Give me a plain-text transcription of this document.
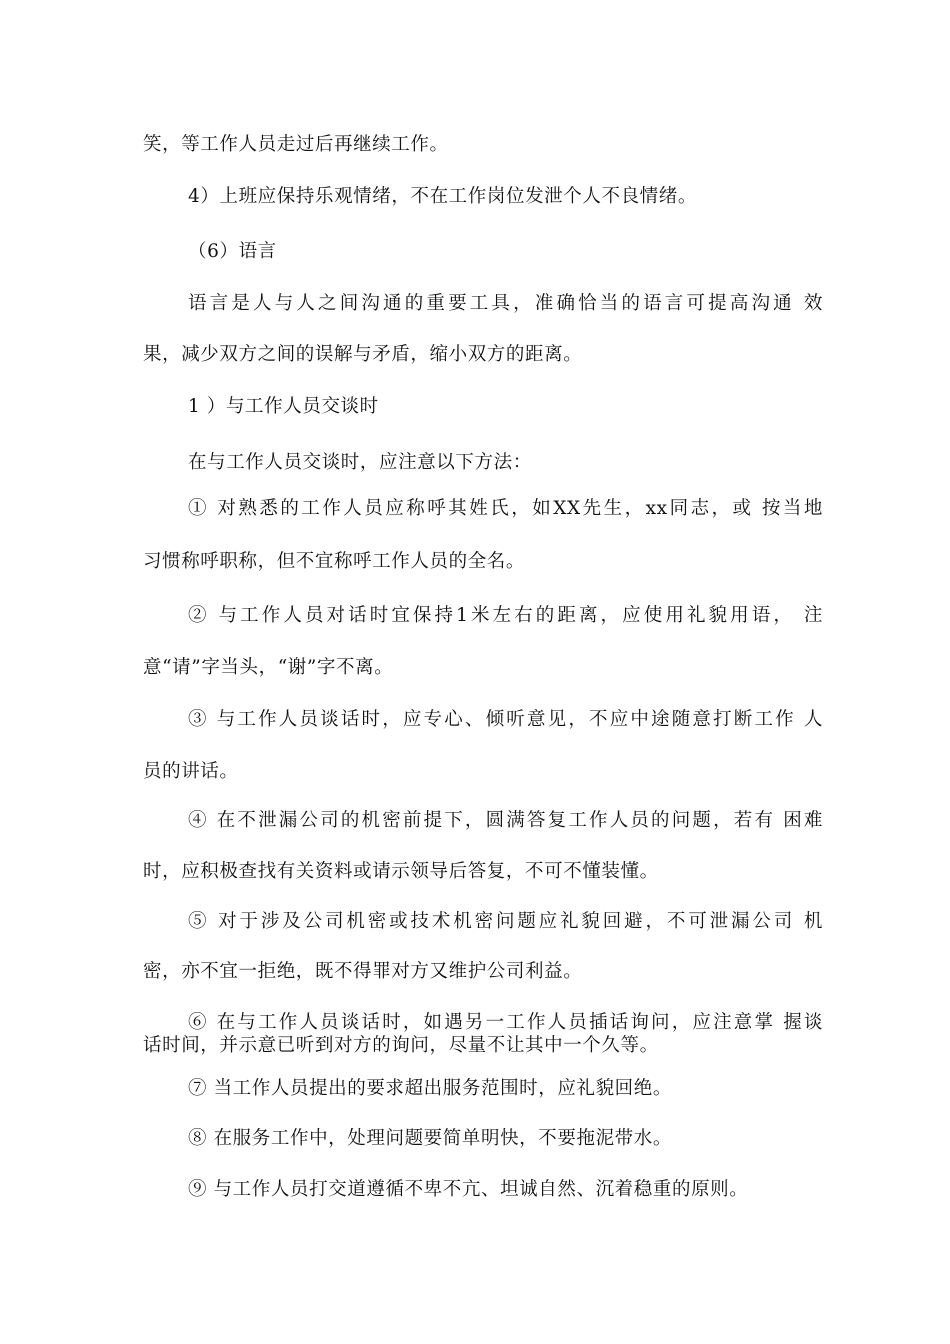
笑，等工作人员走过后再继续工作。
4）上班应保持乐观情绪，不在工作岗位发泄个人不良情绪。
（6）语言
语言是人与人之间沟通的重要工具，准确恰当的语言可提高沟通 效
果，减少双方之间的误解与矛盾，缩小双方的距离。
1 ）与工作人员交谈时
在与工作人员交谈时，应注意以下方法：
① 对熟悉的工作人员应称呼其姓氏，如XX先生，xx同志，或 按当地
习惯称呼职称，但不宜称呼工作人员的全名。
② 与工作人员对话时宜保持1米左右的距离，应使用礼貌用语， 注
意“请”字当头，“谢”字不离。
③ 与工作人员谈话时，应专心、倾听意见，不应中途随意打断工作 人
员的讲话。
④ 在不泄漏公司的机密前提下，圆满答复工作人员的问题，若有 困难
时，应积极查找有关资料或请示领导后答复，不可不懂装懂。
⑤ 对于涉及公司机密或技术机密问题应礼貌回避，不可泄漏公司 机
密，亦不宜一拒绝，既不得罪对方又维护公司利益。
⑥ 在与工作人员谈话时，如遇另一工作人员插话询问，应注意掌 握谈
话时间，并示意已听到对方的询问，尽量不让其中一个久等。
⑦ 当工作人员提出的要求超出服务范围时，应礼貌回绝。
⑧ 在服务工作中，处理问题要简单明快，不要拖泥带水。
⑨ 与工作人员打交道遵循不卑不亢、坦诚自然、沉着稳重的原则。
